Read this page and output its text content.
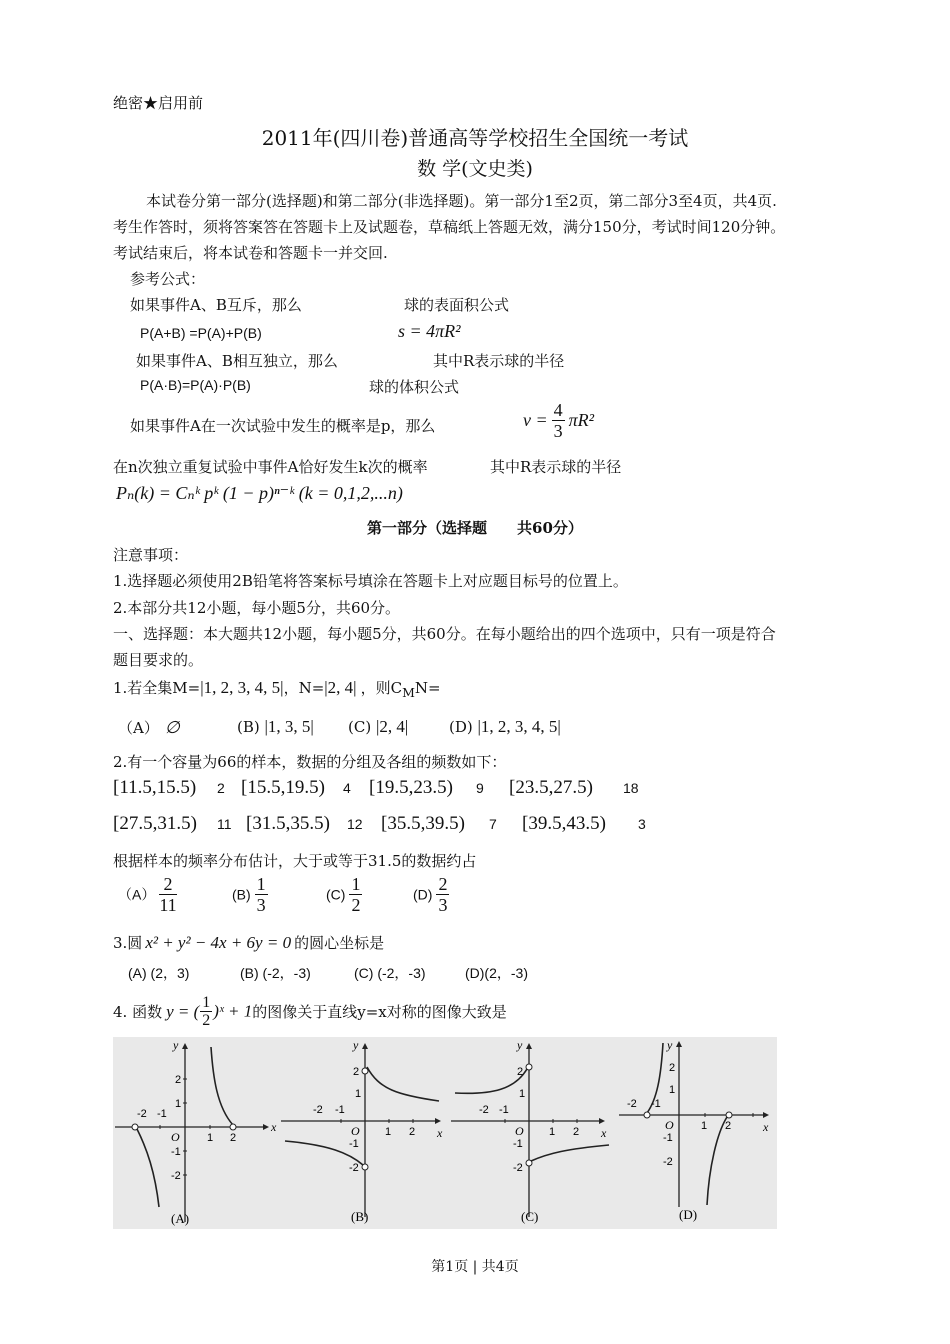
绝密★启用前
2011年(四川卷)普通高等学校招生全国统一考试
数 学(文史类)
本试卷分第一部分(选择题)和第二部分(非选择题)。第一部分1至2页，第二部分3至4页，共4页.
考生作答时，须将答案答在答题卡上及试题卷，草稿纸上答题无效，满分150分，考试时间120分钟。
考试结束后，将本试卷和答题卡一并交回.
参考公式：
如果事件A、B互斥，那么	球的表面积公式
P(A+B) =P(A)+P(B)	s = 4πR²
如果事件A、B相互独立，那么	其中R表示球的半径
P(A·B)=P(A)·P(B)	球的体积公式
如果事件A在一次试验中发生的概率是p，那么	$v = \frac{4}{3} \pi R^2$
在n次独立重复试验中事件A恰好发生k次的概率	其中R表示球的半径
Pₙ(k) = Cₙᵏ pᵏ (1 − p)ⁿ⁻ᵏ (k = 0,1,2,...n)
第一部分（选择题　　共60分）
注意事项：
1.选择题必须使用2B铅笔将答案标号填涂在答题卡上对应题目标号的位置上。
2.本部分共12小题，每小题5分，共60分。
一、选择题：本大题共12小题，每小题5分，共60分。在每小题给出的四个选项中，只有一项是符合
题目要求的。
1.若全集M=|1, 2, 3, 4, 5|，N=|2, 4| ，则$C_MN=$
（A） ∅	(B) |1, 3, 5| (C) |2, 4|	(D) |1, 2, 3, 4, 5|
2.有一个容量为66的样本，数据的分组及各组的频数如下：
[11.5,15.5) 2 [15.5,19.5) 4 [19.5,23.5) 9 [23.5,27.5) 18
[27.5,31.5) 11 [31.5,35.5) 12 [35.5,39.5) 7 [39.5,43.5) 3
根据样本的频率分布估计，大于或等于31.5的数据约占
$(A) \frac{2}{11}$	$(B) \frac{1}{3}$	$(C) \frac{1}{2}$	$(D) \frac{2}{3}$
3.圆 x² + y² − 4x + 6y = 0 的圆心坐标是
(A) (2，3)	(B) (-2，-3)	(C) (-2，-3)	(D)(2，-3)
4. 函数 y = ( $\frac{1}{2}$ )ˣ + 1的图像关于直线y=x对称的图像大致是
x
y
O
-2 -1
1 2
2
1
-1
-2
(A)
x
y
O
-2 -1
1 2
2
1
-1
-2
(B)
x
y
O
-2 -1
1 2
2
1
-1
-2
(C)
x
y
O
-2 -1
1 2
2
1
-1
-2
(D)
第1页 | 共4页
